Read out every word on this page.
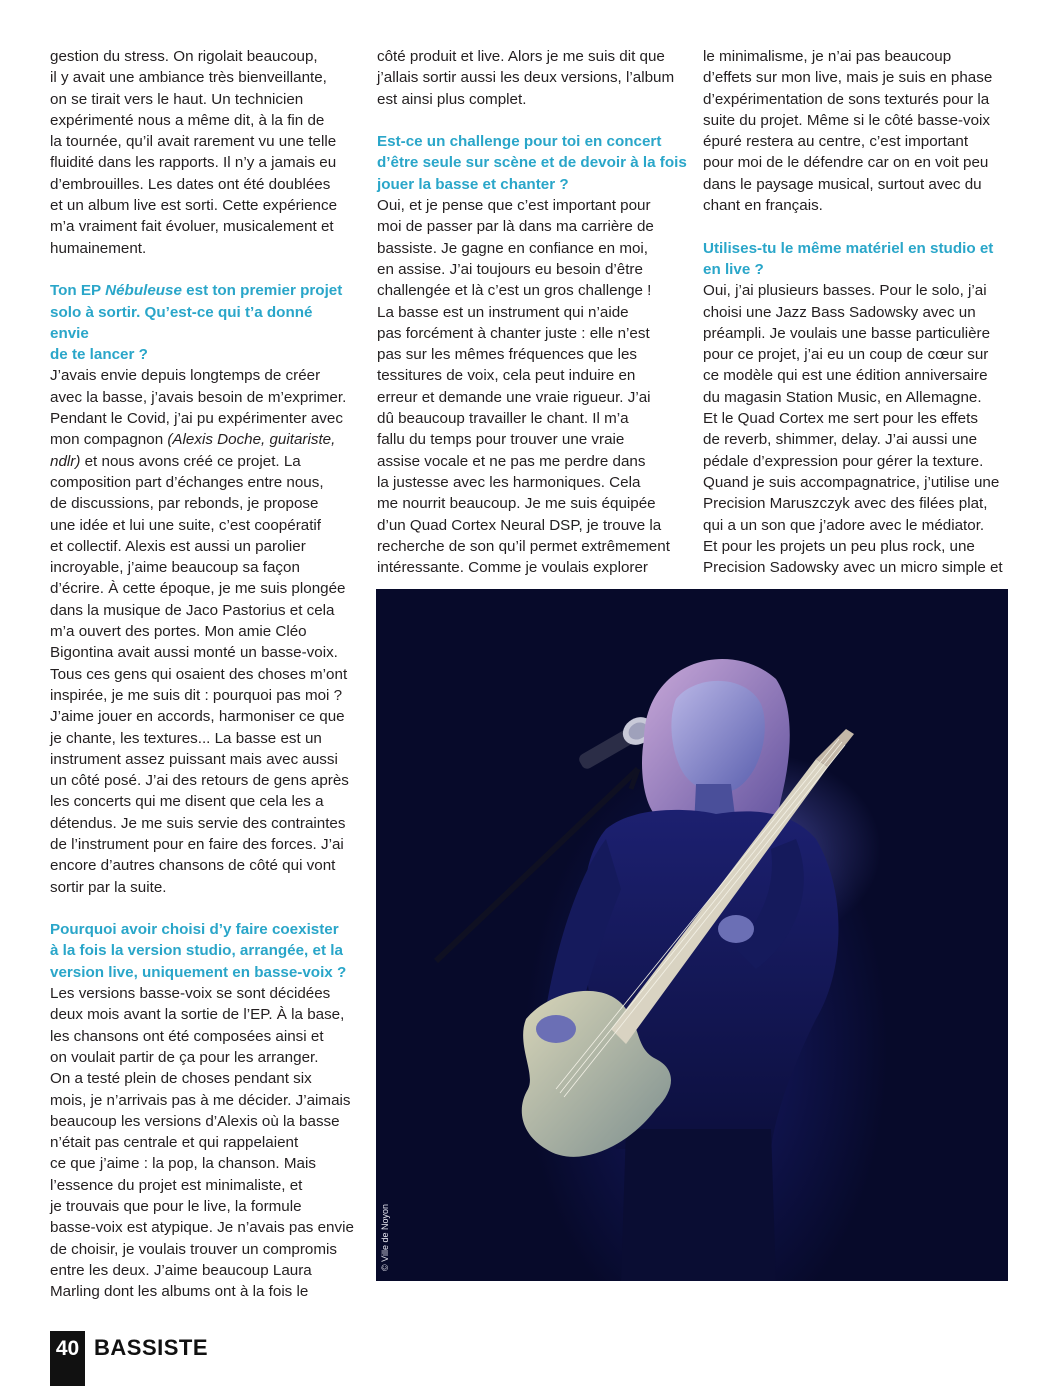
gestion du stress. On rigolait beaucoup,

il y avait une ambiance très bienveillante,

on se tirait vers le haut. Un technicien

expérimenté nous a même dit, à la fin de

la tournée, qu’il avait rarement vu une telle

fluidité dans les rapports. Il n’y a jamais eu

d’embrouilles. Les dates ont été doublées

et un album live est sorti. Cette expérience

m’a vraiment fait évoluer, musicalement et

humainement.

Ton EP Nébuleuse est ton premier projet

solo à sortir. Qu’est-ce qui t’a donné envie

de te lancer ?

J’avais envie depuis longtemps de créer

avec la basse, j’avais besoin de m’exprimer.

Pendant le Covid, j’ai pu expérimenter avec

mon compagnon (Alexis Doche, guitariste,

ndlr) et nous avons créé ce projet. La

composition part d’échanges entre nous,

de discussions, par rebonds, je propose

une idée et lui une suite, c’est coopératif

et collectif. Alexis est aussi un parolier

incroyable, j’aime beaucoup sa façon

d’écrire. À cette époque, je me suis plongée

dans la musique de Jaco Pastorius et cela

m’a ouvert des portes. Mon amie Cléo

Bigontina avait aussi monté un basse-voix.

Tous ces gens qui osaient des choses m’ont

inspirée, je me suis dit : pourquoi pas moi ?

J’aime jouer en accords, harmoniser ce que

je chante, les textures... La basse est un

instrument assez puissant mais avec aussi

un côté posé. J’ai des retours de gens après

les concerts qui me disent que cela les a

détendus. Je me suis servie des contraintes

de l’instrument pour en faire des forces. J’ai

encore d’autres chansons de côté qui vont

sortir par la suite.

Pourquoi avoir choisi d’y faire coexister

à la fois la version studio, arrangée, et la

version live, uniquement en basse-voix ?

Les versions basse-voix se sont décidées

deux mois avant la sortie de l’EP. À la base,

les chansons ont été composées ainsi et

on voulait partir de ça pour les arranger.

On a testé plein de choses pendant six

mois, je n’arrivais pas à me décider. J’aimais

beaucoup les versions d’Alexis où la basse

n’était pas centrale et qui rappelaient

ce que j’aime : la pop, la chanson. Mais

l’essence du projet est minimaliste, et

je trouvais que pour le live, la formule

basse-voix est atypique. Je n’avais pas envie

de choisir, je voulais trouver un compromis

entre les deux. J’aime beaucoup Laura

Marling dont les albums ont à la fois le

côté produit et live. Alors je me suis dit que

j’allais sortir aussi les deux versions, l’album

est ainsi plus complet.

Est-ce un challenge pour toi en concert

d’être seule sur scène et de devoir à la fois

jouer la basse et chanter ?

Oui, et je pense que c’est important pour

moi de passer par là dans ma carrière de

bassiste. Je gagne en confiance en moi,

en assise. J’ai toujours eu besoin d’être

challengée et là c’est un gros challenge !

La basse est un instrument qui n’aide

pas forcément à chanter juste : elle n’est

pas sur les mêmes fréquences que les

tessitures de voix, cela peut induire en

erreur et demande une vraie rigueur. J’ai

dû beaucoup travailler le chant. Il m’a

fallu du temps pour trouver une vraie

assise vocale et ne pas me perdre dans

la justesse avec les harmoniques. Cela

me nourrit beaucoup. Je me suis équipée

d’un Quad Cortex Neural DSP, je trouve la

recherche de son qu’il permet extrêmement

intéressante. Comme je voulais explorer

le minimalisme, je n’ai pas beaucoup

d’effets sur mon live, mais je suis en phase

d’expérimentation de sons texturés pour la

suite du projet. Même si le côté basse-voix

épuré restera au centre, c’est important

pour moi de le défendre car on en voit peu

dans le paysage musical, surtout avec du

chant en français.

Utilises-tu le même matériel en studio et

en live ?

Oui, j’ai plusieurs basses. Pour le solo, j’ai

choisi une Jazz Bass Sadowsky avec un

préampli. Je voulais une basse particulière

pour ce projet, j’ai eu un coup de cœur sur

ce modèle qui est une édition anniversaire

du magasin Station Music, en Allemagne.

Et le Quad Cortex me sert pour les effets

de reverb, shimmer, delay. J’ai aussi une

pédale d’expression pour gérer la texture.

Quand je suis accompagnatrice, j’utilise une

Precision Maruszczyk avec des filées plat,

qui a un son que j’adore avec le médiator.

Et pour les projets un peu plus rock, une

Precision Sadowsky avec un micro simple et

© Ville de Noyon
40 BASSISTE
